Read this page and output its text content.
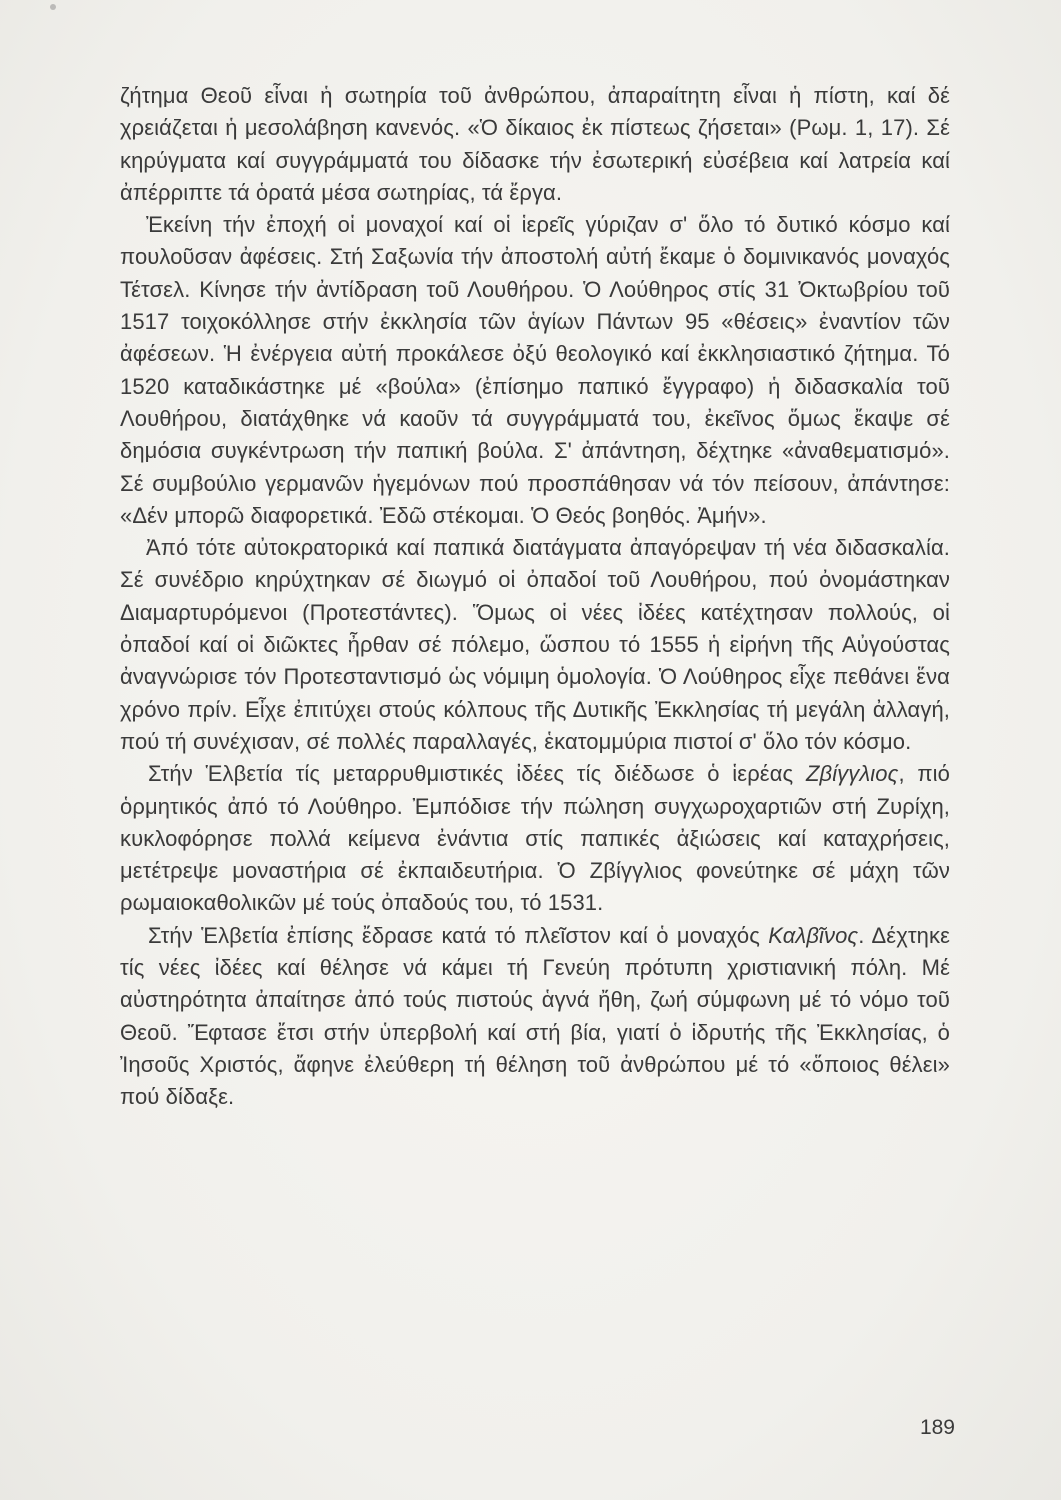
ζήτημα Θεοῦ εἶναι ἡ σωτηρία τοῦ ἀνθρώπου, ἀπαραίτητη εἶναι ἡ πίστη, καί δέ χρειάζεται ἡ μεσολάβηση κανενός. «Ὁ δίκαιος ἐκ πίστεως ζήσεται» (Ρωμ. 1, 17). Σέ κηρύγματα καί συγγράμματά του δίδασκε τήν ἐσωτερική εὐσέβεια καί λατρεία καί ἀπέρριπτε τά ὁρατά μέσα σωτηρίας, τά ἔργα.

Ἐκείνη τήν ἐποχή οἱ μοναχοί καί οἱ ἱερεῖς γύριζαν σ' ὅλο τό δυτικό κόσμο καί πουλοῦσαν ἀφέσεις. Στή Σαξωνία τήν ἀποστολή αὐτή ἔκαμε ὁ δομινικανός μοναχός Τέτσελ. Κίνησε τήν ἀντίδραση τοῦ Λουθήρου. Ὁ Λούθηρος στίς 31 Ὀκτωβρίου τοῦ 1517 τοιχοκόλλησε στήν ἐκκλησία τῶν ἁγίων Πάντων 95 «θέσεις» ἐναντίον τῶν ἀφέσεων. Ἡ ἐνέργεια αὐτή προκάλεσε ὀξύ θεολογικό καί ἐκκλησιαστικό ζήτημα. Τό 1520 καταδικάστηκε μέ «βούλα» (ἐπίσημο παπικό ἔγγραφο) ἡ διδασκαλία τοῦ Λουθήρου, διατάχθηκε νά καοῦν τά συγγράμματά του, ἐκεῖνος ὅμως ἔκαψε σέ δημόσια συγκέντρωση τήν παπική βούλα. Σ' ἀπάντηση, δέχτηκε «ἀναθεματισμό». Σέ συμβούλιο γερμανῶν ἡγεμόνων πού προσπάθησαν νά τόν πείσουν, ἀπάντησε: «Δέν μπορῶ διαφορετικά. Ἐδῶ στέκομαι. Ὁ Θεός βοηθός. Ἀμήν».

Ἀπό τότε αὐτοκρατορικά καί παπικά διατάγματα ἀπαγόρεψαν τή νέα διδασκαλία. Σέ συνέδριο κηρύχτηκαν σέ διωγμό οἱ ὀπαδοί τοῦ Λουθήρου, πού ὀνομάστηκαν Διαμαρτυρόμενοι (Προτεστάντες). Ὅμως οἱ νέες ἰδέες κατέχτησαν πολλούς, οἱ ὀπαδοί καί οἱ διῶκτες ἦρθαν σέ πόλεμο, ὥσπου τό 1555 ἡ εἰρήνη τῆς Αὐγούστας ἀναγνώρισε τόν Προτεσταντισμό ὡς νόμιμη ὁμολογία. Ὁ Λούθηρος εἶχε πεθάνει ἕνα χρόνο πρίν. Εἶχε ἐπιτύχει στούς κόλπους τῆς Δυτικῆς Ἐκκλησίας τή μεγάλη ἀλλαγή, πού τή συνέχισαν, σέ πολλές παραλλαγές, ἑκατομμύρια πιστοί σ' ὅλο τόν κόσμο.

Στήν Ἑλβετία τίς μεταρρυθμιστικές ἰδέες τίς διέδωσε ὁ ἱερέας Ζβίγγλιος, πιό ὁρμητικός ἀπό τό Λούθηρο. Ἐμπόδισε τήν πώληση συγχωροχαρτιῶν στή Ζυρίχη, κυκλοφόρησε πολλά κείμενα ἐνάντια στίς παπικές ἀξιώσεις καί καταχρήσεις, μετέτρεψε μοναστήρια σέ ἐκπαιδευτήρια. Ὁ Ζβίγγλιος φονεύτηκε σέ μάχη τῶν ρωμαιοκαθολικῶν μέ τούς ὀπαδούς του, τό 1531.

Στήν Ἑλβετία ἐπίσης ἔδρασε κατά τό πλεῖστον καί ὁ μοναχός Καλβῖνος. Δέχτηκε τίς νέες ἰδέες καί θέλησε νά κάμει τή Γενεύη πρότυπη χριστιανική πόλη. Μέ αὐστηρότητα ἀπαίτησε ἀπό τούς πιστούς ἁγνά ἤθη, ζωή σύμφωνη μέ τό νόμο τοῦ Θεοῦ. Ἔφτασε ἔτσι στήν ὑπερβολή καί στή βία, γιατί ὁ ἱδρυτής τῆς Ἐκκλησίας, ὁ Ἰησοῦς Χριστός, ἄφηνε ἐλεύθερη τή θέληση τοῦ ἀνθρώπου μέ τό «ὅποιος θέλει» πού δίδαξε.

189
